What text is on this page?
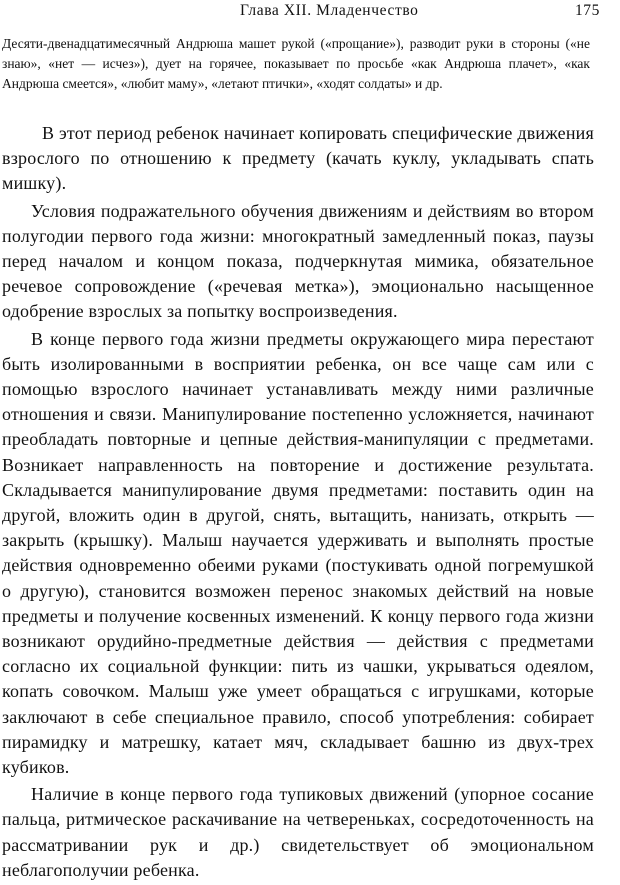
Глава XII. Младенчество	175
Десяти-двенадцатимесячный Андрюша машет рукой («прощание»), разводит руки в стороны («не знаю», «нет — исчез»), дует на горячее, показывает по просьбе «как Андрюша плачет», «как Андрюша смеется», «любит маму», «летают птички», «ходят солдаты» и др.

В этот период ребенок начинает копировать специфические движения взрослого по отношению к предмету (качать куклу, укладывать спать мишку).

Условия подражательного обучения движениям и действиям во втором полугодии первого года жизни: многократный замедленный показ, паузы перед началом и концом показа, подчеркнутая мимика, обязательное речевое сопровождение («речевая метка»), эмоционально насыщенное одобрение взрослых за попытку воспроизведения.

В конце первого года жизни предметы окружающего мира перестают быть изолированными в восприятии ребенка, он все чаще сам или с помощью взрослого начинает устанавливать между ними различные отношения и связи. Манипулирование постепенно усложняется, начинают преобладать повторные и цепные действия-манипуляции с предметами. Возникает направленность на повторение и достижение результата. Складывается манипулирование двумя предметами: поставить один на другой, вложить один в другой, снять, вытащить, нанизать, открыть — закрыть (крышку). Малыш научается удерживать и выполнять простые действия одновременно обеими руками (постукивать одной погремушкой о другую), становится возможен перенос знакомых действий на новые предметы и получение косвенных изменений. К концу первого года жизни возникают орудийно-предметные действия — действия с предметами согласно их социальной функции: пить из чашки, укрываться одеялом, копать совочком. Малыш уже умеет обращаться с игрушками, которые заключают в себе специальное правило, способ употребления: собирает пирамидку и матрешку, катает мяч, складывает башню из двух-трех кубиков.

Наличие в конце первого года тупиковых движений (упорное сосание пальца, ритмическое раскачивание на четвереньках, сосредоточенность на рассматривании рук и др.) свидетельствует об эмоциональном неблагополучии ребенка.
